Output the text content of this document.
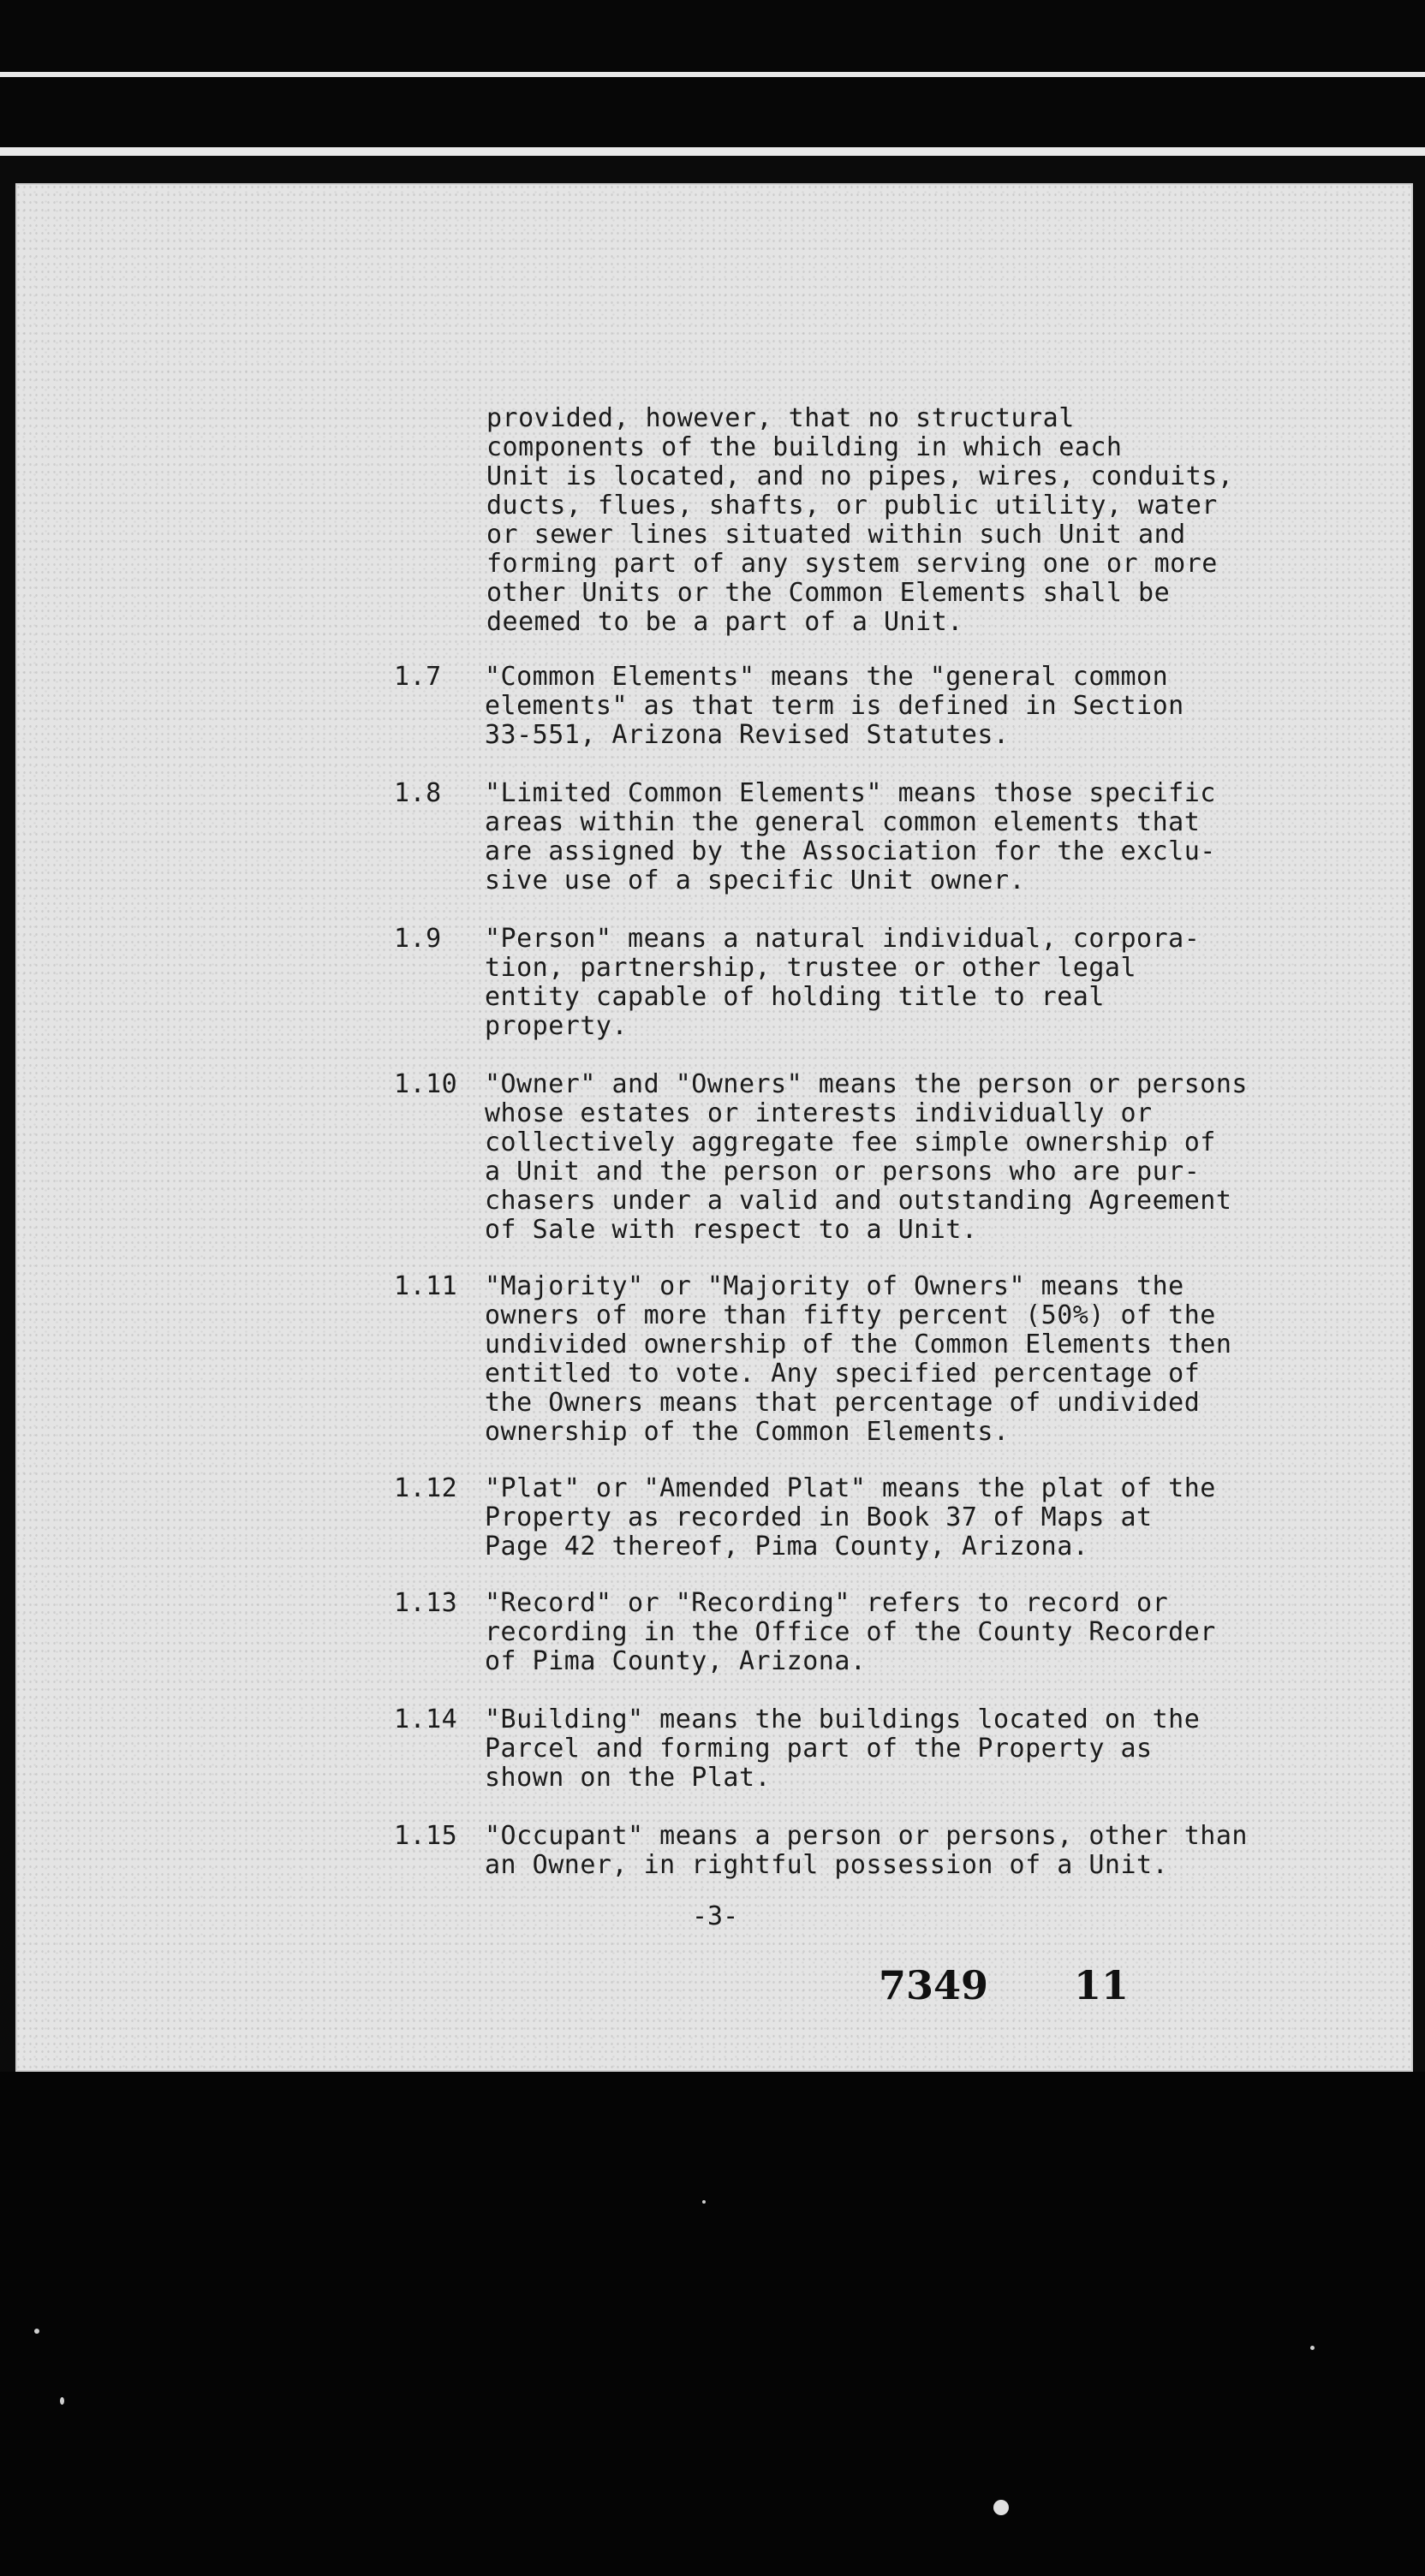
provided, however, that no structural
components of the building in which each
Unit is located, and no pipes, wires, conduits,
ducts, flues, shafts, or public utility, water
or sewer lines situated within such Unit and
forming part of any system serving one or more
other Units or the Common Elements shall be
deemed to be a part of a Unit.
1.7	"Common Elements" means the "general common
elements" as that term is defined in Section
33-551, Arizona Revised Statutes.
1.8	"Limited Common Elements" means those specific
areas within the general common elements that
are assigned by the Association for the exclu-
sive use of a specific Unit owner.
1.9	"Person" means a natural individual, corpora-
tion, partnership, trustee or other legal
entity capable of holding title to real
property.
1.10	"Owner" and "Owners" means the person or persons
whose estates or interests individually or
collectively aggregate fee simple ownership of
a Unit and the person or persons who are pur-
chasers under a valid and outstanding Agreement
of Sale with respect to a Unit.
1.11	"Majority" or "Majority of Owners" means the
owners of more than fifty percent (50%) of the
undivided ownership of the Common Elements then
entitled to vote. Any specified percentage of
the Owners means that percentage of undivided
ownership of the Common Elements.
1.12	"Plat" or "Amended Plat" means the plat of the
Property as recorded in Book 37 of Maps at
Page 42 thereof, Pima County, Arizona.
1.13	"Record" or "Recording" refers to record or
recording in the Office of the County Recorder
of Pima County, Arizona.
1.14	"Building" means the buildings located on the
Parcel and forming part of the Property as
shown on the Plat.
1.15	"Occupant" means a person or persons, other than
an Owner, in rightful possession of a Unit.
-3-
7349 11
